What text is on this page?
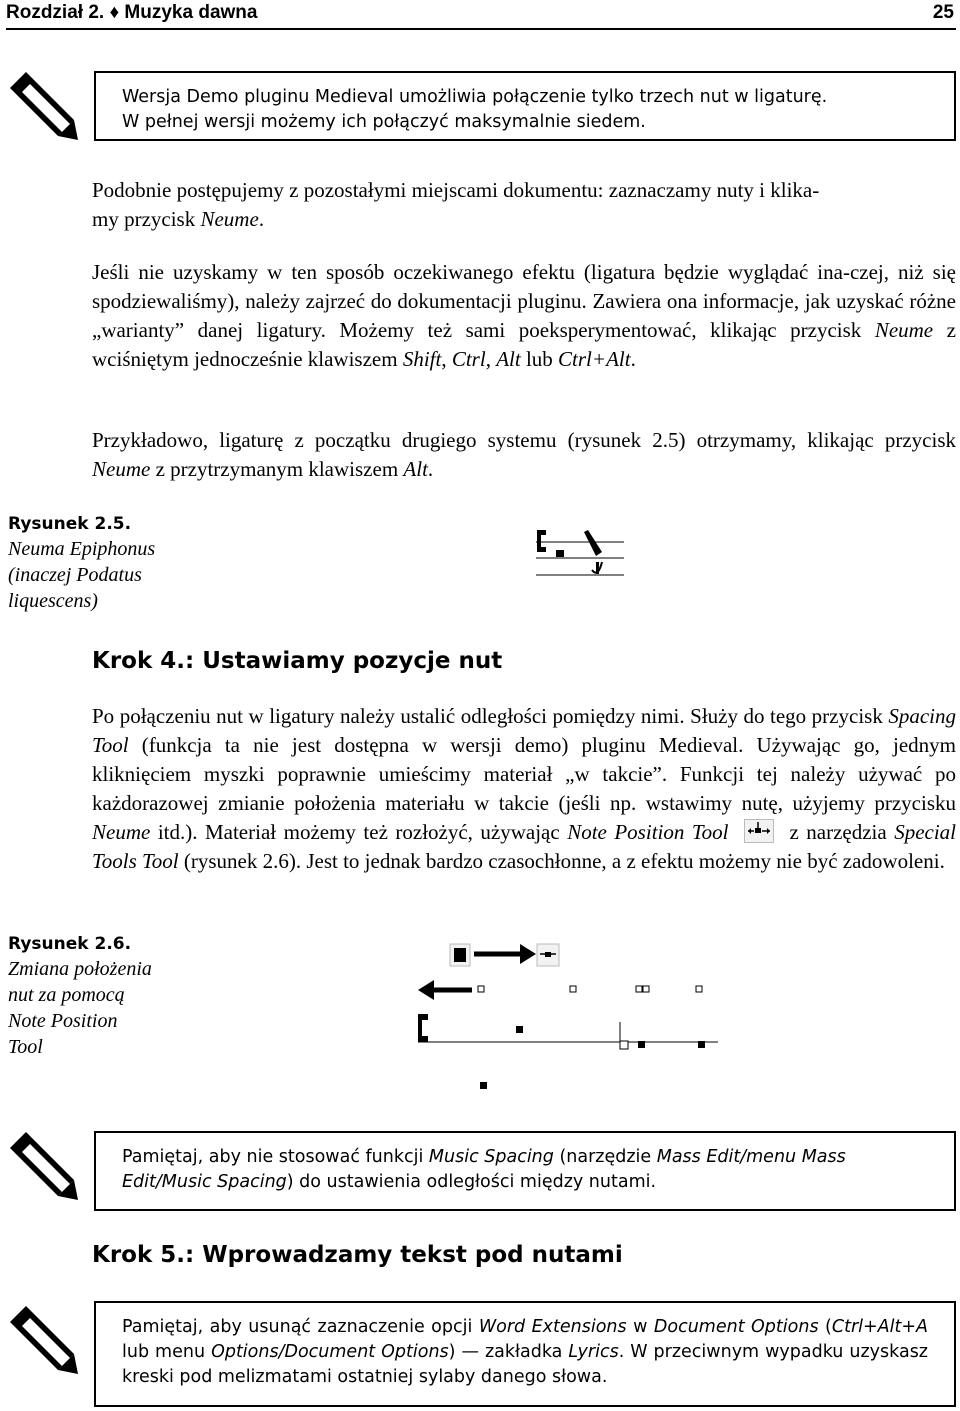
Rozdział 2. ♦ Muzyka dawna	25
Wersja Demo pluginu Medieval umożliwia połączenie tylko trzech nut w ligaturę.
W pełnej wersji możemy ich połączyć maksymalnie siedem.
Podobnie postępujemy z pozostałymi miejscami dokumentu: zaznaczamy nuty i klika-
my przycisk Neume.
Jeśli nie uzyskamy w ten sposób oczekiwanego efektu (ligatura będzie wyglądać ina-czej, niż się spodziewaliśmy), należy zajrzeć do dokumentacji pluginu. Zawiera ona informacje, jak uzyskać różne „warianty” danej ligatury. Możemy też sami poeksperymentować, klikając przycisk Neume z wciśniętym jednocześnie klawiszem Shift, Ctrl, Alt lub Ctrl+Alt.
Przykładowo, ligaturę z początku drugiego systemu (rysunek 2.5) otrzymamy, klikając przycisk Neume z przytrzymanym klawiszem Alt.
Rysunek 2.5.
Neuma Epiphonus
(inaczej Podatus
liquescens)
Krok 4.: Ustawiamy pozycje nut
Po połączeniu nut w ligatury należy ustalić odległości pomiędzy nimi. Służy do tego przycisk Spacing Tool (funkcja ta nie jest dostępna w wersji demo) pluginu Medieval. Używając go, jednym kliknięciem myszki poprawnie umieścimy materiał „w takcie”. Funkcji tej należy używać po każdorazowej zmianie położenia materiału w takcie (jeśli np. wstawimy nutę, użyjemy przycisku Neume itd.). Materiał możemy też rozłożyć, używając Note Position Tool	z narzędzia Special Tools Tool (rysunek 2.6). Jest to jednak bardzo czasochłonne, a z efektu możemy nie być zadowoleni.
Rysunek 2.6.
Zmiana położenia
nut za pomocą
Note Position
Tool
Pamiętaj, aby nie stosować funkcji Music Spacing (narzędzie Mass Edit/menu Mass Edit/Music Spacing) do ustawienia odległości między nutami.
Krok 5.: Wprowadzamy tekst pod nutami
Pamiętaj, aby usunąć zaznaczenie opcji Word Extensions w Document Options (Ctrl+Alt+A lub menu Options/Document Options) — zakładka Lyrics. W przeciwnym wypadku uzyskasz kreski pod melizmatami ostatniej sylaby danego słowa.
